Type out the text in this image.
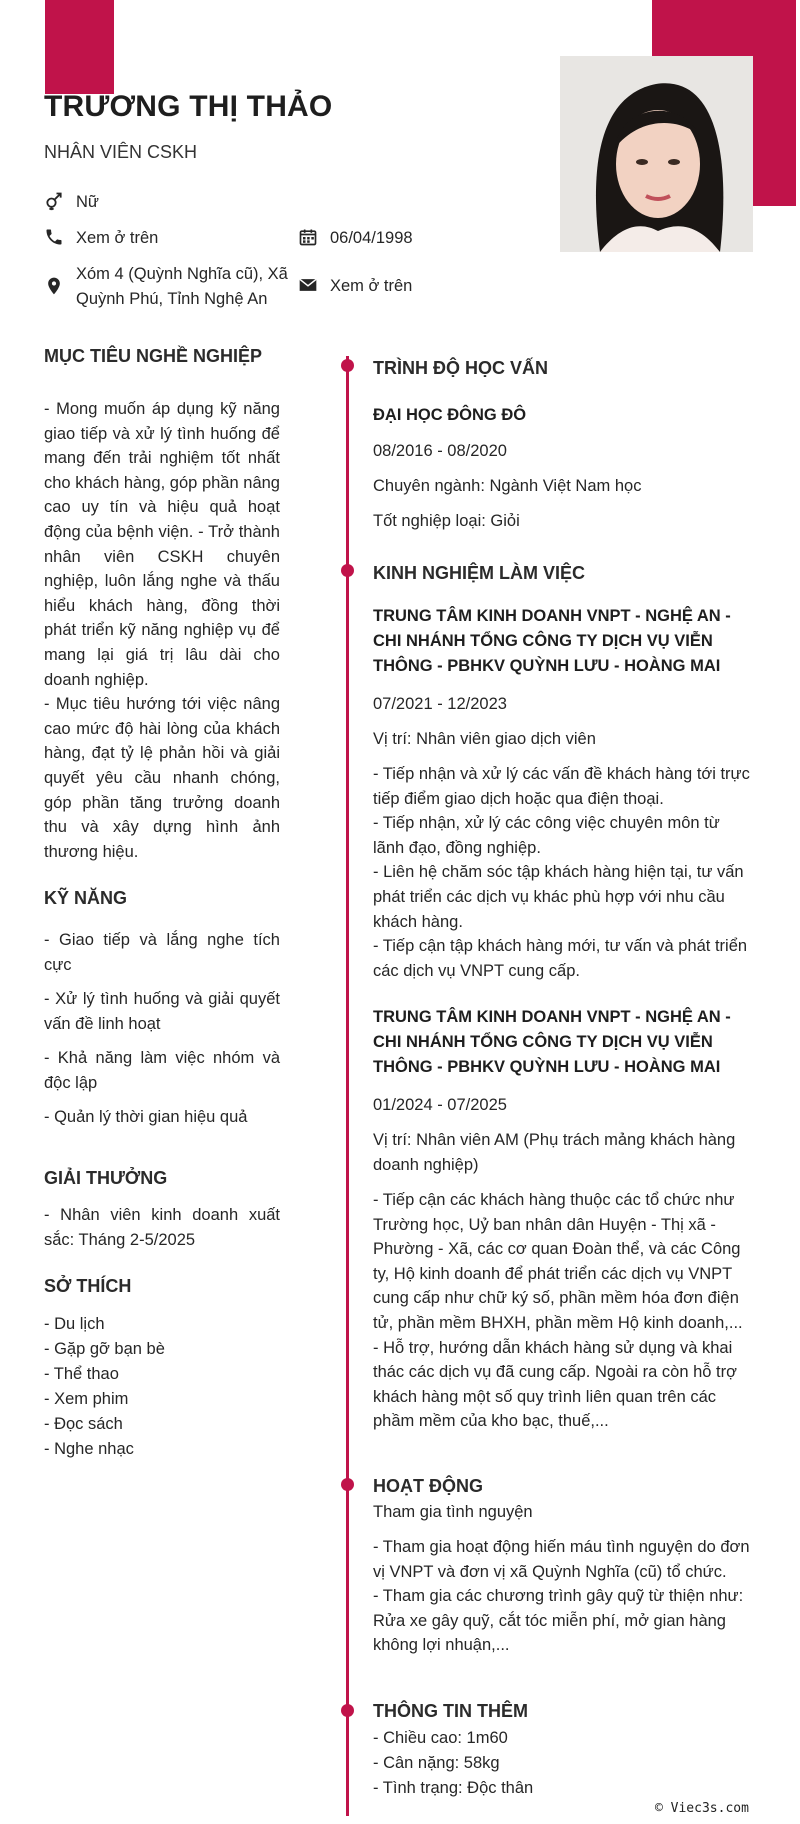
TRƯƠNG THỊ THẢO
NHÂN VIÊN CSKH
Nữ
Xem ở trên	06/04/1998
Xóm 4 (Quỳnh Nghĩa cũ), Xã Quỳnh Phú, Tỉnh Nghệ An
Xem ở trên
MỤC TIÊU NGHỀ NGHIỆP

- Mong muốn áp dụng kỹ năng giao tiếp và xử lý tình huống để mang đến trải nghiệm tốt nhất cho khách hàng, góp phần nâng cao uy tín và hiệu quả hoạt động của bệnh viện. - Trở thành nhân viên CSKH chuyên nghiệp, luôn lắng nghe và thấu hiểu khách hàng, đồng thời phát triển kỹ năng nghiệp vụ để mang lại giá trị lâu dài cho doanh nghiệp.

- Mục tiêu hướng tới việc nâng cao mức độ hài lòng của khách hàng, đạt tỷ lệ phản hồi và giải quyết yêu cầu nhanh chóng, góp phần tăng trưởng doanh thu và xây dựng hình ảnh thương hiệu.

KỸ NĂNG
- Giao tiếp và lắng nghe tích cực
- Xử lý tình huống và giải quyết vấn đề linh hoạt
- Khả năng làm việc nhóm và độc lập
- Quản lý thời gian hiệu quả
GIẢI THƯỞNG
- Nhân viên kinh doanh xuất sắc: Tháng 2-5/2025
SỞ THÍCH
- Du lịch
- Gặp gỡ bạn bè
- Thể thao
- Xem phim
- Đọc sách
- Nghe nhạc
TRÌNH ĐỘ HỌC VẤN
ĐẠI HỌC ĐÔNG ĐÔ
08/2016 - 08/2020
Chuyên ngành: Ngành Việt Nam học
Tốt nghiệp loại: Giỏi
KINH NGHIỆM LÀM VIỆC
TRUNG TÂM KINH DOANH VNPT - NGHỆ AN - CHI NHÁNH TỔNG CÔNG TY DỊCH VỤ VIỄN THÔNG - PBHKV QUỲNH LƯU - HOÀNG MAI
07/2021 - 12/2023
Vị trí: Nhân viên giao dịch viên
- Tiếp nhận và xử lý các vấn đề khách hàng tới trực tiếp điểm giao dịch hoặc qua điện thoại.
- Tiếp nhận, xử lý các công việc chuyên môn từ lãnh đạo, đồng nghiệp.
- Liên hệ chăm sóc tập khách hàng hiện tại, tư vấn phát triển các dịch vụ khác phù hợp với nhu cầu khách hàng.
- Tiếp cận tập khách hàng mới, tư vấn và phát triển các dịch vụ VNPT cung cấp.
TRUNG TÂM KINH DOANH VNPT - NGHỆ AN - CHI NHÁNH TỔNG CÔNG TY DỊCH VỤ VIỄN THÔNG - PBHKV QUỲNH LƯU - HOÀNG MAI
01/2024 - 07/2025
Vị trí: Nhân viên AM (Phụ trách mảng khách hàng doanh nghiệp)
- Tiếp cận các khách hàng thuộc các tổ chức như Trường học, Uỷ ban nhân dân Huyện - Thị xã - Phường - Xã, các cơ quan Đoàn thể, và các Công ty, Hộ kinh doanh để phát triển các dịch vụ VNPT cung cấp như chữ ký số, phần mềm hóa đơn điện tử, phần mềm BHXH, phần mềm Hộ kinh doanh,...
- Hỗ trợ, hướng dẫn khách hàng sử dụng và khai thác các dịch vụ đã cung cấp. Ngoài ra còn hỗ trợ khách hàng một số quy trình liên quan trên các phầm mềm của kho bạc, thuế,...
HOẠT ĐỘNG
Tham gia tình nguyện
- Tham gia hoạt động hiến máu tình nguyện do đơn vị VNPT và đơn vị xã Quỳnh Nghĩa (cũ) tổ chức.
- Tham gia các chương trình gây quỹ từ thiện như: Rửa xe gây quỹ, cắt tóc miễn phí, mở gian hàng không lợi nhuận,...
THÔNG TIN THÊM
- Chiều cao: 1m60
- Cân nặng: 58kg
- Tình trạng: Độc thân
© Viec3s.com
